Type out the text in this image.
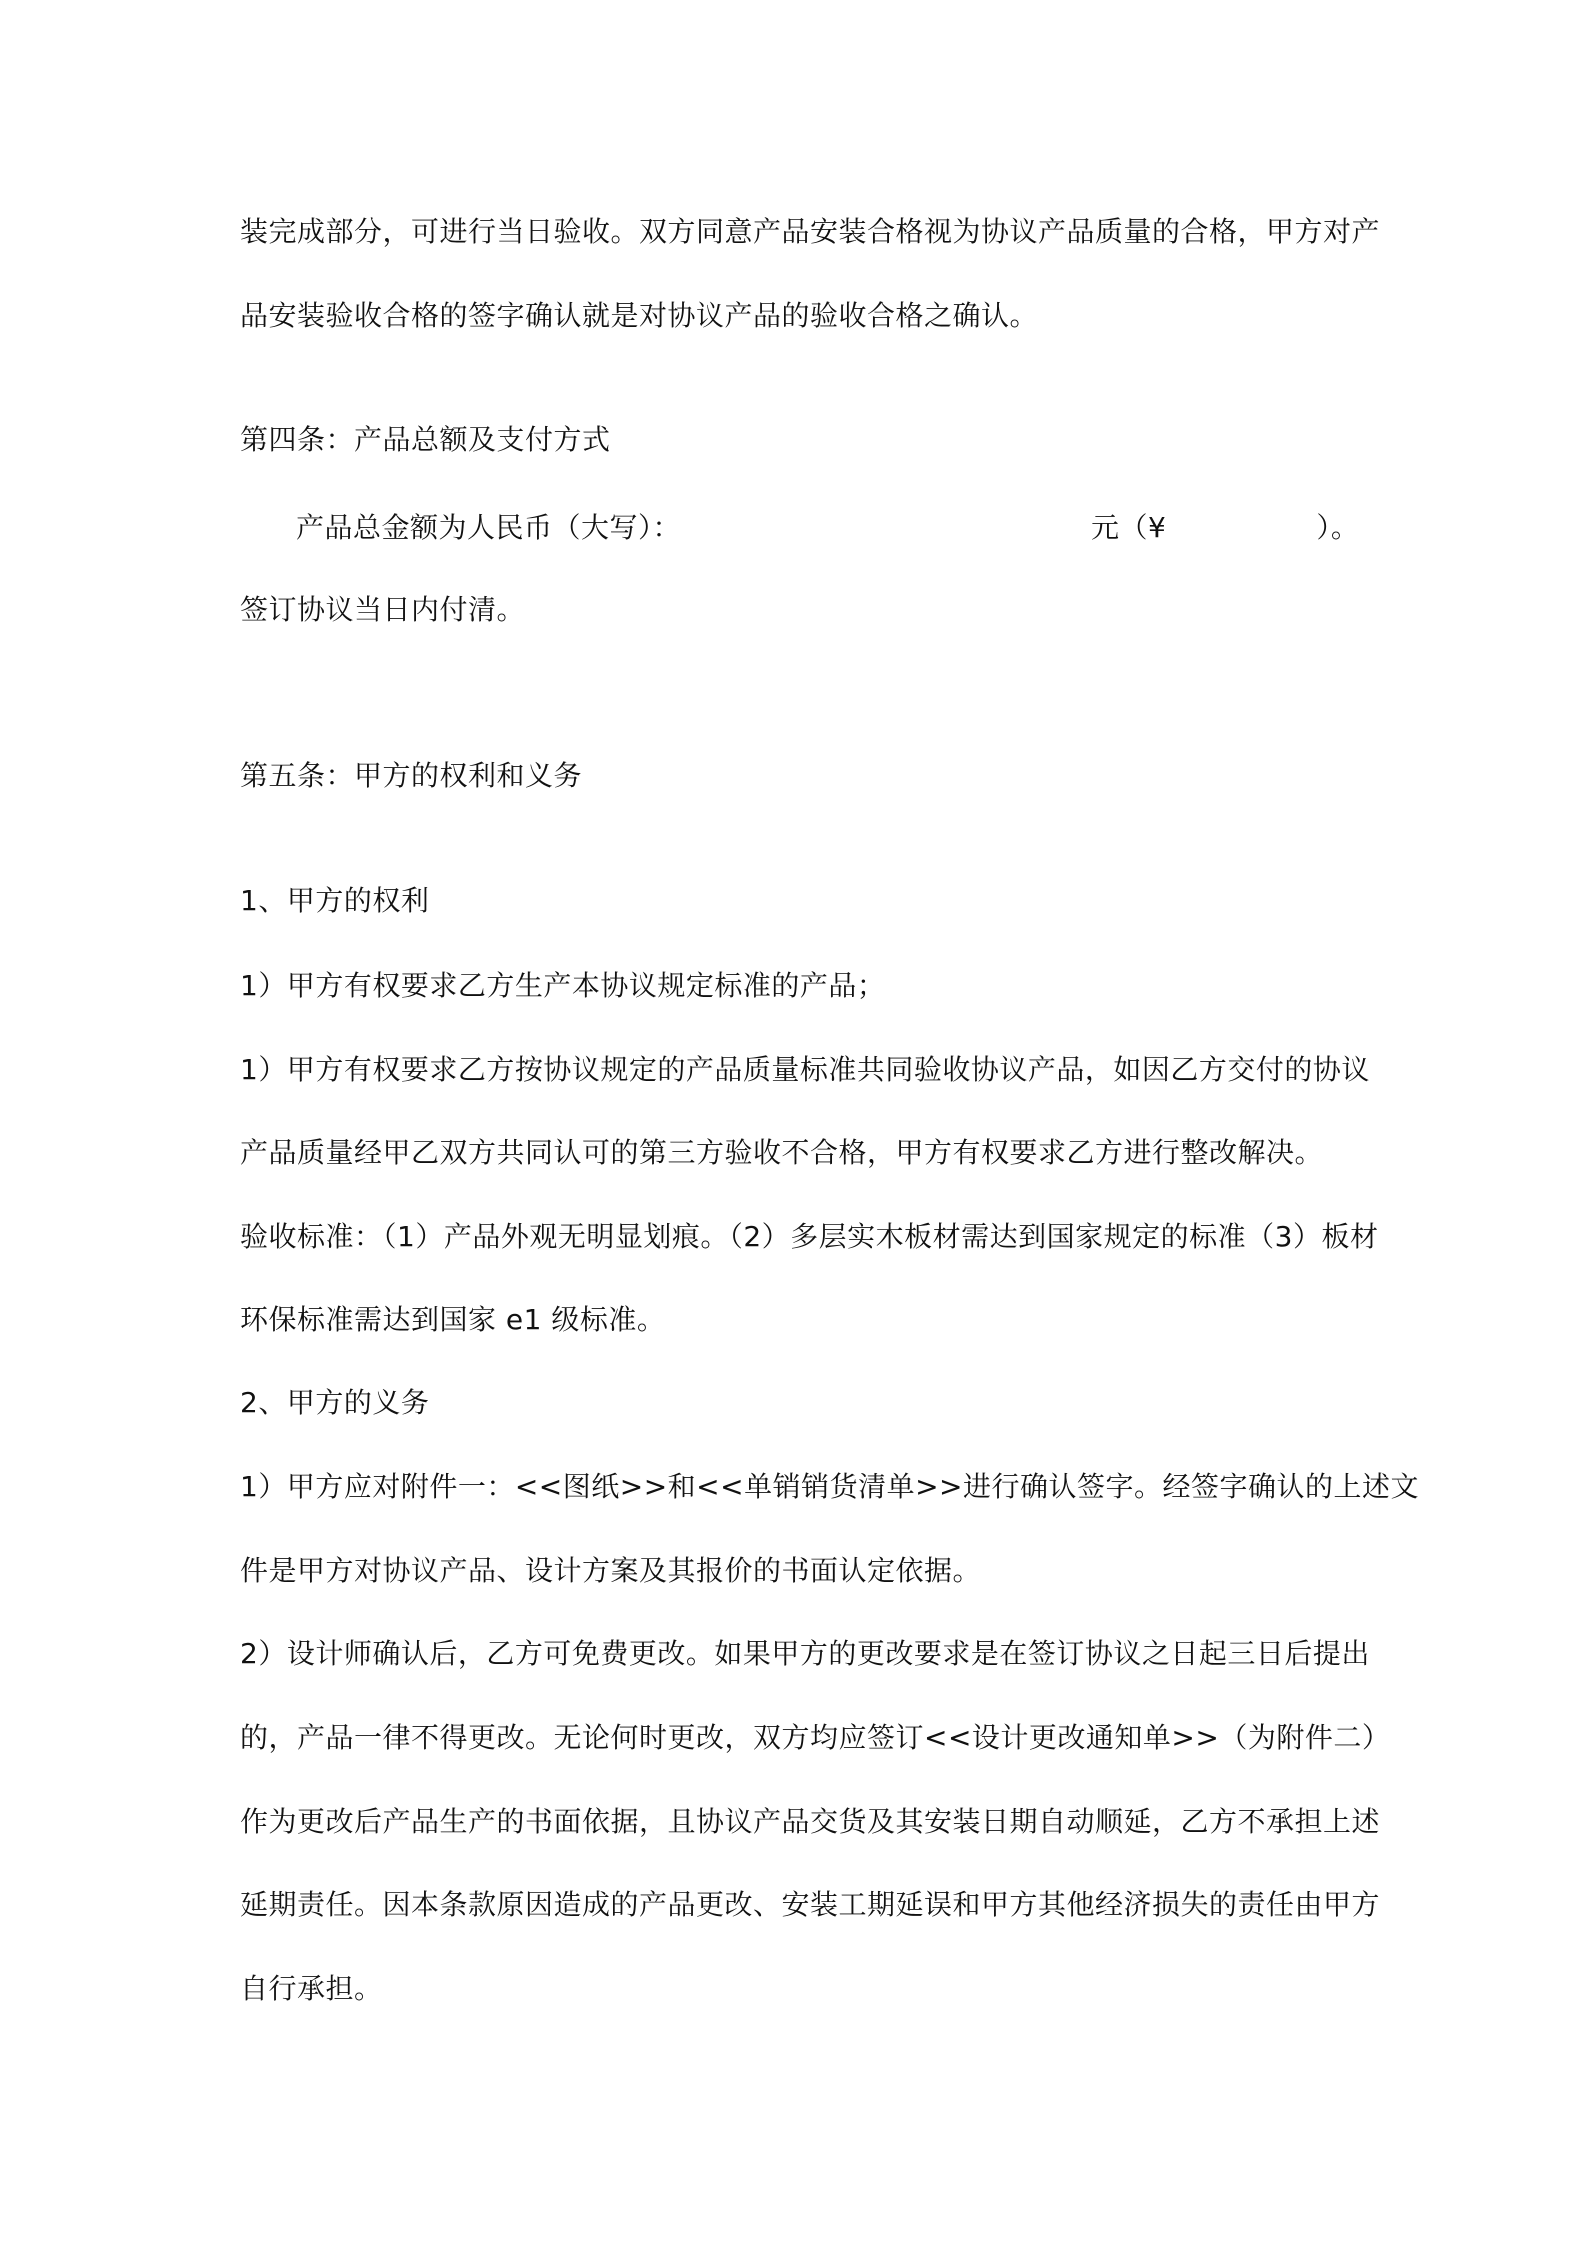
装完成部分，可进行当日验收。双方同意产品安装合格视为协议产品质量的合格，甲方对产
品安装验收合格的签字确认就是对协议产品的验收合格之确认。
第四条：产品总额及支付方式
产品总金额为人民币（大写）：	元（¥	）。
签订协议当日内付清。
第五条：甲方的权利和义务
1、甲方的权利
1）甲方有权要求乙方生产本协议规定标准的产品；
1）甲方有权要求乙方按协议规定的产品质量标准共同验收协议产品，如因乙方交付的协议
产品质量经甲乙双方共同认可的第三方验收不合格，甲方有权要求乙方进行整改解决。
验收标准：（1）产品外观无明显划痕。（2）多层实木板材需达到国家规定的标准（3）板材
环保标准需达到国家 e1 级标准。
2、甲方的义务
1）甲方应对附件一：<<图纸>>和<<单销销货清单>>进行确认签字。经签字确认的上述文
件是甲方对协议产品、设计方案及其报价的书面认定依据。
2）设计师确认后，乙方可免费更改。如果甲方的更改要求是在签订协议之日起三日后提出
的，产品一律不得更改。无论何时更改，双方均应签订<<设计更改通知单>>（为附件二）
作为更改后产品生产的书面依据，且协议产品交货及其安装日期自动顺延，乙方不承担上述
延期责任。因本条款原因造成的产品更改、安装工期延误和甲方其他经济损失的责任由甲方
自行承担。
